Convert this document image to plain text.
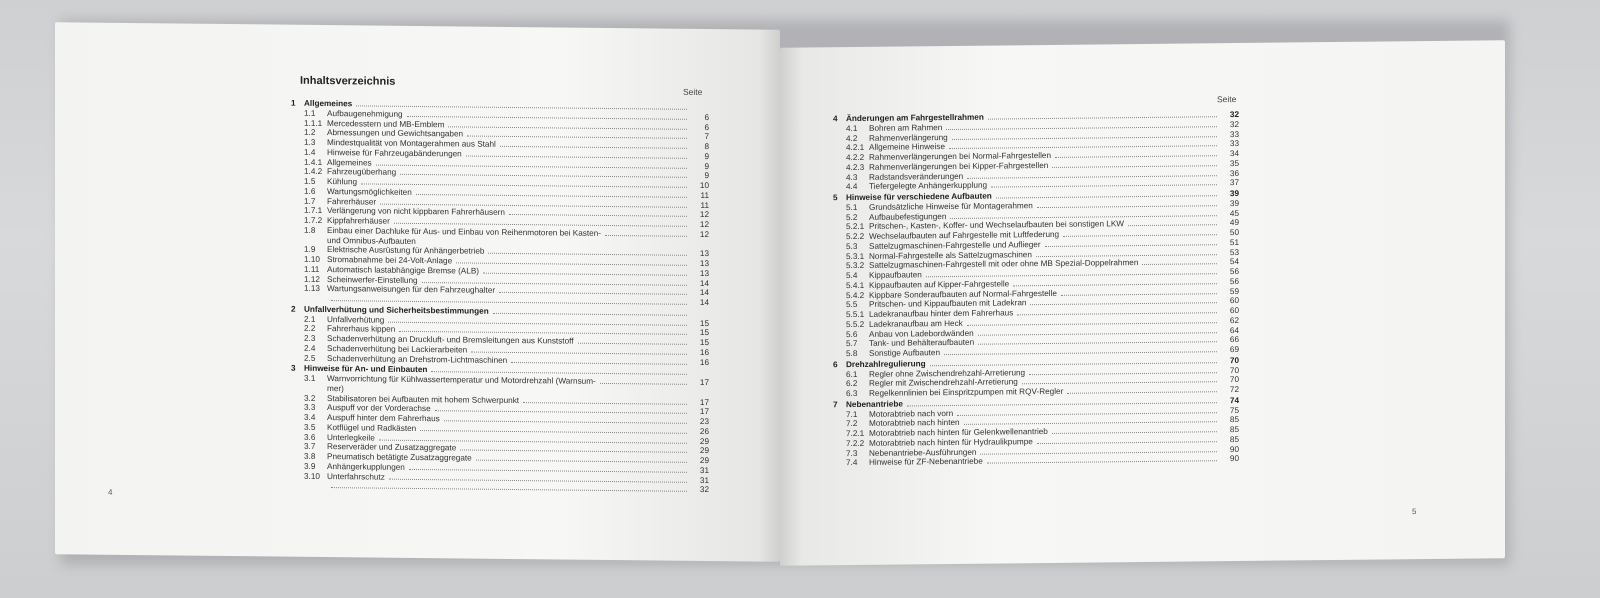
Inhaltsverzeichnis
Seite
1	Allgemeines
1.1	Aufbaugenehmigung	6
1.1.1 Mercedesstern und MB-Emblem	6
1.2	Abmessungen und Gewichtsangaben	7
1.3	Mindestqualität von Montagerahmen aus Stahl	8
1.4	Hinweise für Fahrzeugabänderungen	9
1.4.1 Allgemeines	9
1.4.2 Fahrzeugüberhang	9
1.5	Kühlung	10
1.6	Wartungsmöglichkeiten	11
1.7	Fahrerhäuser	11
1.7.1 Verlängerung von nicht kippbaren Fahrerhäusern	12
1.7.2 Kippfahrerhäuser	12
1.8	Einbau einer Dachluke für Aus- und Einbau von Reihenmotoren bei Kasten-	12
und Omnibus-Aufbauten
1.9	Elektrische Ausrüstung für Anhängerbetrieb	13
1.10 Stromabnahme bei 24-Volt-Anlage	13
1.11 Automatisch lastabhängige Bremse (ALB)	13
1.12 Scheinwerfer-Einstellung	14
1.13 Wartungsanweisungen für den Fahrzeughalter	14
14
2	Unfallverhütung und Sicherheitsbestimmungen
2.1	Unfallverhütung	15
2.2	Fahrerhaus kippen	15
2.3	Schadenverhütung an Druckluft- und Bremsleitungen aus Kunststoff	15
2.4	Schadenverhütung bei Lackierarbeiten	16
2.5	Schadenverhütung an Drehstrom-Lichtmaschinen	16
3	Hinweise für An- und Einbauten
3.1	Warnvorrichtung für Kühlwassertemperatur und Motordrehzahl (Warnsum-	17
mer)
3.2	Stabilisatoren bei Aufbauten mit hohem Schwerpunkt	17
3.3	Auspuff vor der Vorderachse	17
3.4	Auspuff hinter dem Fahrerhaus	23
3.5	Kotflügel und Radkästen	26
3.6	Unterlegkeile	29
3.7	Reserveräder und Zusatzaggregate	29
3.8	Pneumatisch betätigte Zusatzaggregate	29
3.9	Anhängerkupplungen	31
3.10 Unterfahrschutz	31
32
4
Seite
4	Änderungen am Fahrgestellrahmen	32
4.1	Bohren am Rahmen	32
4.2	Rahmenverlängerung	33
4.2.1 Allgemeine Hinweise	33
4.2.2 Rahmenverlängerungen bei Normal-Fahrgestellen	34
4.2.3 Rahmenverlängerungen bei Kipper-Fahrgestellen	35
4.3	Radstandsveränderungen	36
4.4	Tiefergelegte Anhängerkupplung	37
5	Hinweise für verschiedene Aufbauten	39
5.1	Grundsätzliche Hinweise für Montagerahmen	39
5.2	Aufbaubefestigungen	45
5.2.1 Pritschen-, Kasten-, Koffer- und Wechselaufbauten bei sonstigen LKW	49
5.2.2 Wechselaufbauten auf Fahrgestelle mit Luftfederung	50
5.3	Sattelzugmaschinen-Fahrgestelle und Auflieger	51
5.3.1 Normal-Fahrgestelle als Sattelzugmaschinen	53
5.3.2 Sattelzugmaschinen-Fahrgestell mit oder ohne MB Spezial-Doppelrahmen	54
5.4	Kippaufbauten	56
5.4.1 Kippaufbauten auf Kipper-Fahrgestelle	56
5.4.2 Kippbare Sonderaufbauten auf Normal-Fahrgestelle	59
5.5	Pritschen- und Kippaufbauten mit Ladekran	60
5.5.1 Ladekranaufbau hinter dem Fahrerhaus	60
5.5.2 Ladekranaufbau am Heck	62
5.6	Anbau von Ladebordwänden	64
5.7	Tank- und Behälteraufbauten	66
5.8	Sonstige Aufbauten	69
6	Drehzahlregulierung	70
6.1	Regler ohne Zwischendrehzahl-Arretierung	70
6.2	Regler mit Zwischendrehzahl-Arretierung	70
6.3	Regelkennlinien bei Einspritzpumpen mit RQV-Regler	72
7	Nebenantriebe	74
7.1	Motorabtrieb nach vorn	75
7.2	Motorabtrieb nach hinten	85
7.2.1 Motorabtrieb nach hinten für Gelenkwellenantrieb	85
7.2.2 Motorabtrieb nach hinten für Hydraulikpumpe	85
7.3	Nebenantriebe-Ausführungen	90
7.4	Hinweise für ZF-Nebenantriebe	90
5
